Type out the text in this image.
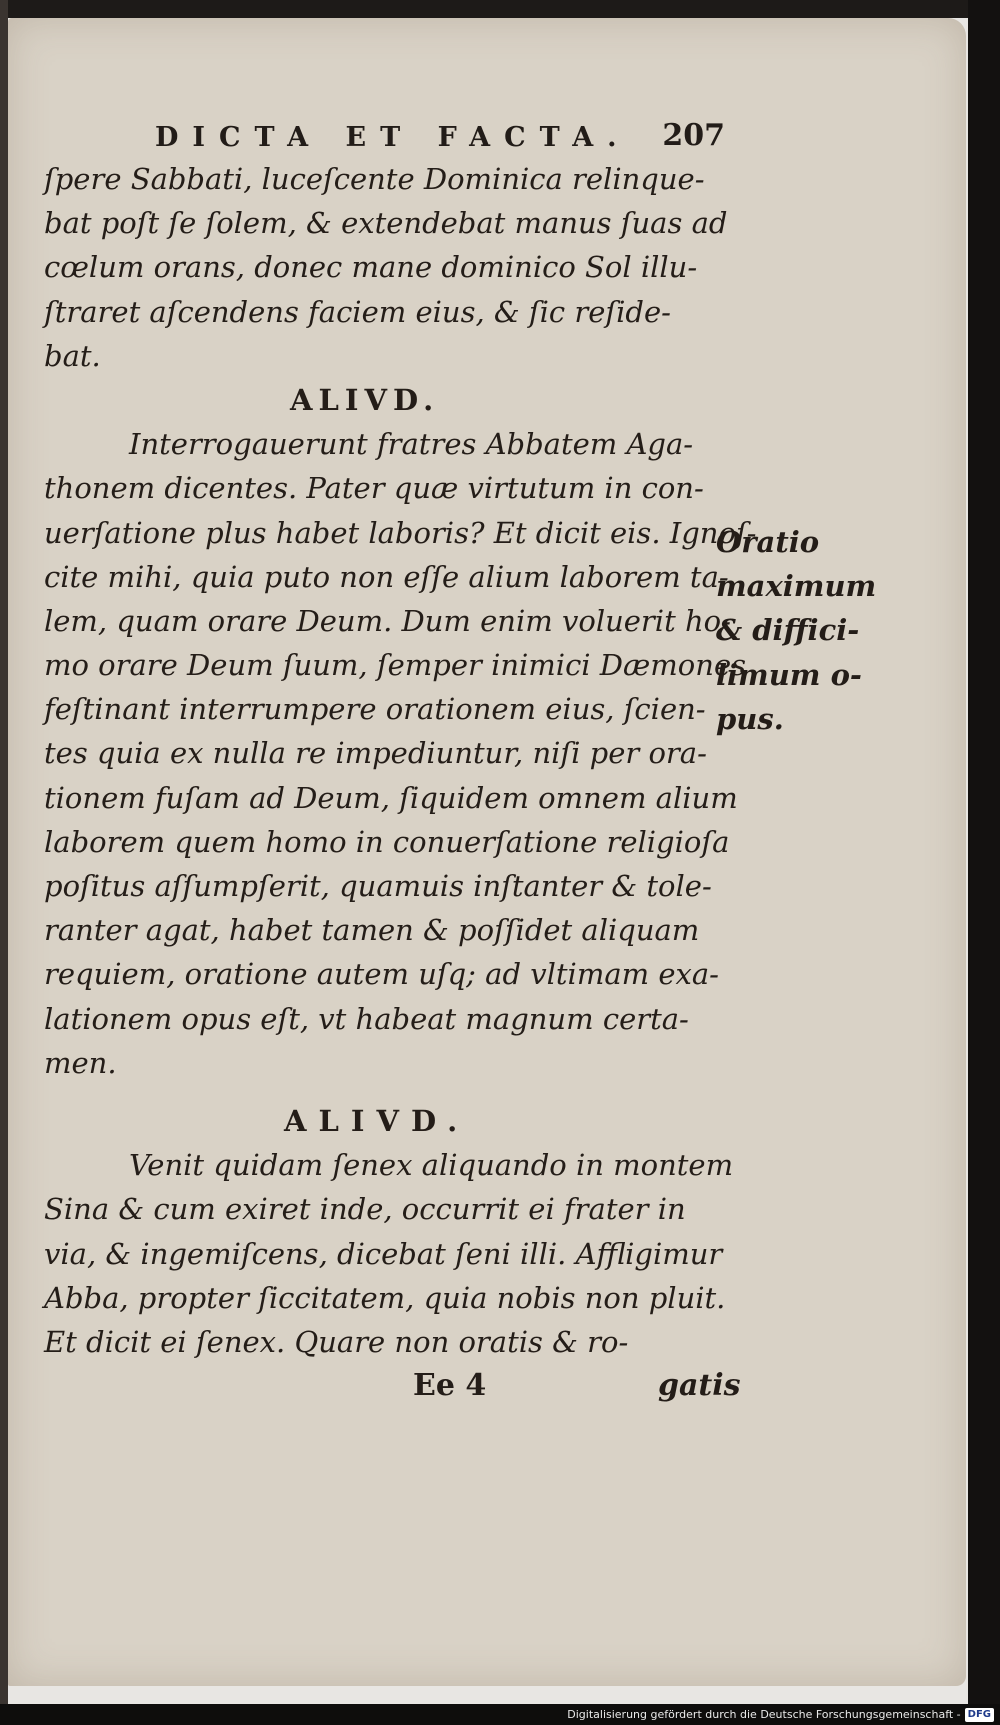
DICTA ET FACTA. 207
ſpere Sabbati, luceſcente Dominica relinque-
bat poſt ſe ſolem, & extendebat manus ſuas ad
cœlum orans, donec mane dominico Sol illu-
ſtraret aſcendens faciem eius, & ſic reſide-
bat.
ALIVD.
Interrogauerunt fratres Abbatem Aga-
thonem dicentes. Pater quæ virtutum in con-
uerſatione plus habet laboris? Et dicit eis. Ignoſ-
cite mihi, quia puto non eſſe alium laborem ta-
lem, quam orare Deum. Dum enim voluerit ho-
mo orare Deum ſuum, ſemper inimici Dæmones
feſtinant interrumpere orationem eius, ſcien-
tes quia ex nulla re impediuntur, niſi per ora-
tionem fuſam ad Deum, ſiquidem omnem alium
laborem quem homo in conuerſatione religioſa
poſitus aſſumpſerit, quamuis inſtanter & tole-
ranter agat, habet tamen & poſſidet aliquam
requiem, oratione autem uſq; ad vltimam exa-
lationem opus eſt, vt habeat magnum certa-
men.
ALIVD.
Venit quidam ſenex aliquando in montem
Sina & cum exiret inde, occurrit ei frater in
via, & ingemiſcens, dicebat ſeni illi. Affligimur
Abba, propter ſiccitatem, quia nobis non pluit.
Et dicit ei ſenex. Quare non oratis & ro-
Oratio
maximum
& diffici-
limum o-
pus.
Ee 4	gatis
Digitalisierung gefördert durch die Deutsche Forschungsgemeinschaft - DFG
